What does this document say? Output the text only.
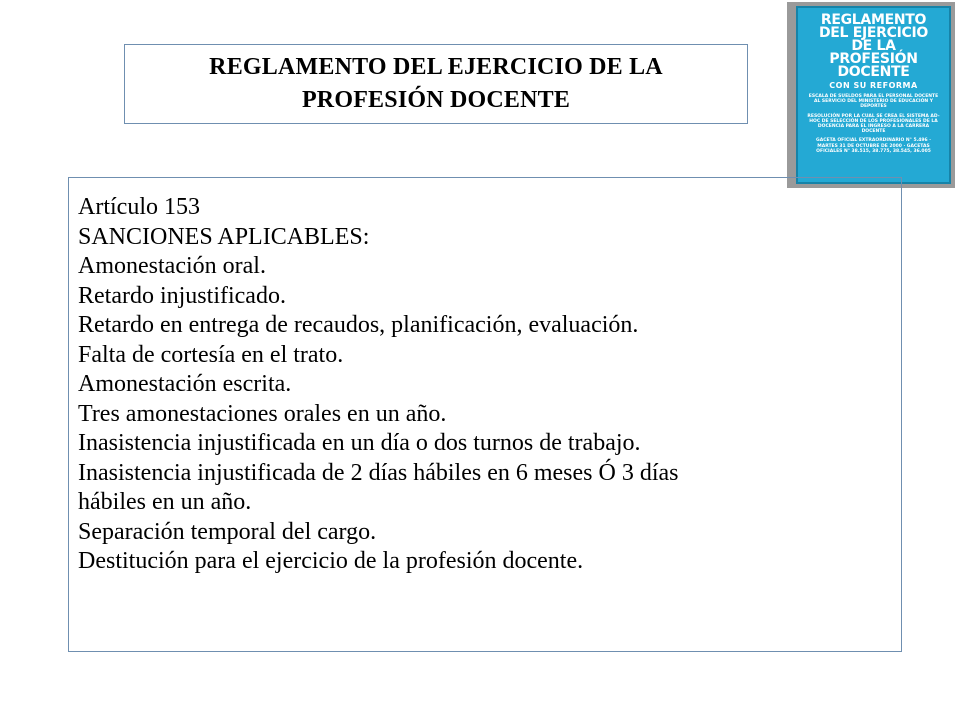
REGLAMENTO DEL EJERCICIO DE LA
PROFESIÓN DOCENTE
REGLAMENTO
DEL EJERCICIO
DE LA
PROFESIÓN
DOCENTE
CON SU REFORMA
ESCALA DE SUELDOS PARA EL PERSONAL DOCENTE AL SERVICIO DEL MINISTERIO DE EDUCACIÓN Y DEPORTES
RESOLUCIÓN POR LA CUAL SE CREA EL SISTEMA AD-HOC DE SELECCIÓN DE LOS PROFESIONALES DE LA DOCENCIA PARA EL INGRESO A LA CARRERA DOCENTE
GACETA OFICIAL EXTRAORDINARIO N° 5.496 · MARTES 31 DE OCTUBRE DE 2000 · GACETAS OFICIALES N° 38.515, 38.775, 38.545, 36.005
Artículo 153
SANCIONES APLICABLES:
Amonestación oral.
Retardo injustificado.
Retardo en entrega de recaudos, planificación, evaluación.
Falta de cortesía en el trato.
Amonestación escrita.
Tres amonestaciones orales en un año.
Inasistencia injustificada en un día o dos turnos de trabajo.
Inasistencia injustificada de 2 días hábiles en 6 meses Ó 3 días
hábiles en un año.
Separación temporal del cargo.
Destitución para el ejercicio de la profesión docente.
